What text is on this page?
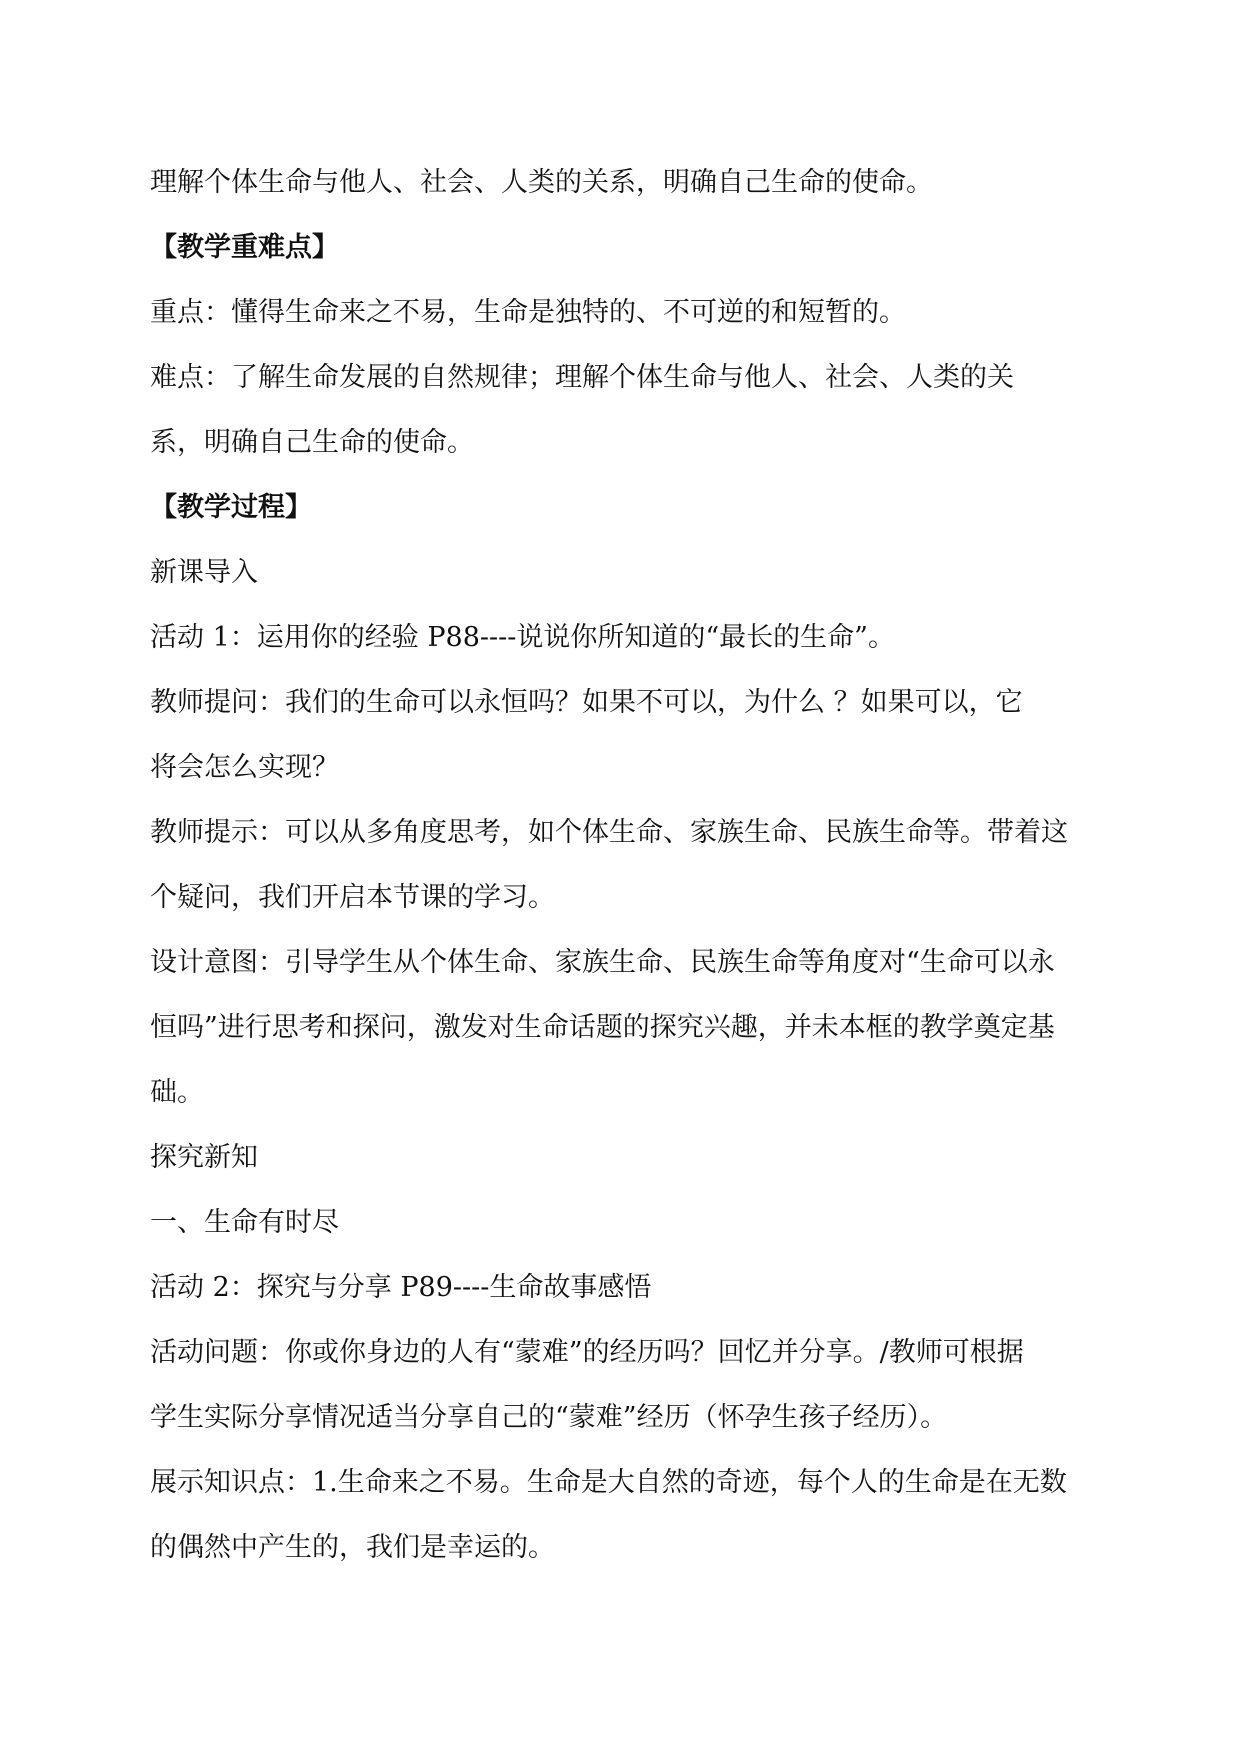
理解个体生命与他人、社会、人类的关系，明确自己生命的使命。
【教学重难点】
重点：懂得生命来之不易，生命是独特的、不可逆的和短暂的。
难点：了解生命发展的自然规律；理解个体生命与他人、社会、人类的关
系，明确自己生命的使命。
【教学过程】
新课导入
活动 1：运用你的经验 P88----说说你所知道的“最长的生命”。
教师提问：我们的生命可以永恒吗？如果不可以，为什么 ？如果可以，它
将会怎么实现？
教师提示：可以从多角度思考，如个体生命、家族生命、民族生命等。带着这
个疑问，我们开启本节课的学习。
设计意图：引导学生从个体生命、家族生命、民族生命等角度对“生命可以永
恒吗”进行思考和探问，激发对生命话题的探究兴趣，并未本框的教学奠定基
础。
探究新知
一、生命有时尽
活动 2：探究与分享 P89----生命故事感悟
活动问题：你或你身边的人有“蒙难”的经历吗？回忆并分享。/教师可根据
学生实际分享情况适当分享自己的“蒙难”经历（怀孕生孩子经历）。
展示知识点：1.生命来之不易。生命是大自然的奇迹，每个人的生命是在无数
的偶然中产生的，我们是幸运的。
